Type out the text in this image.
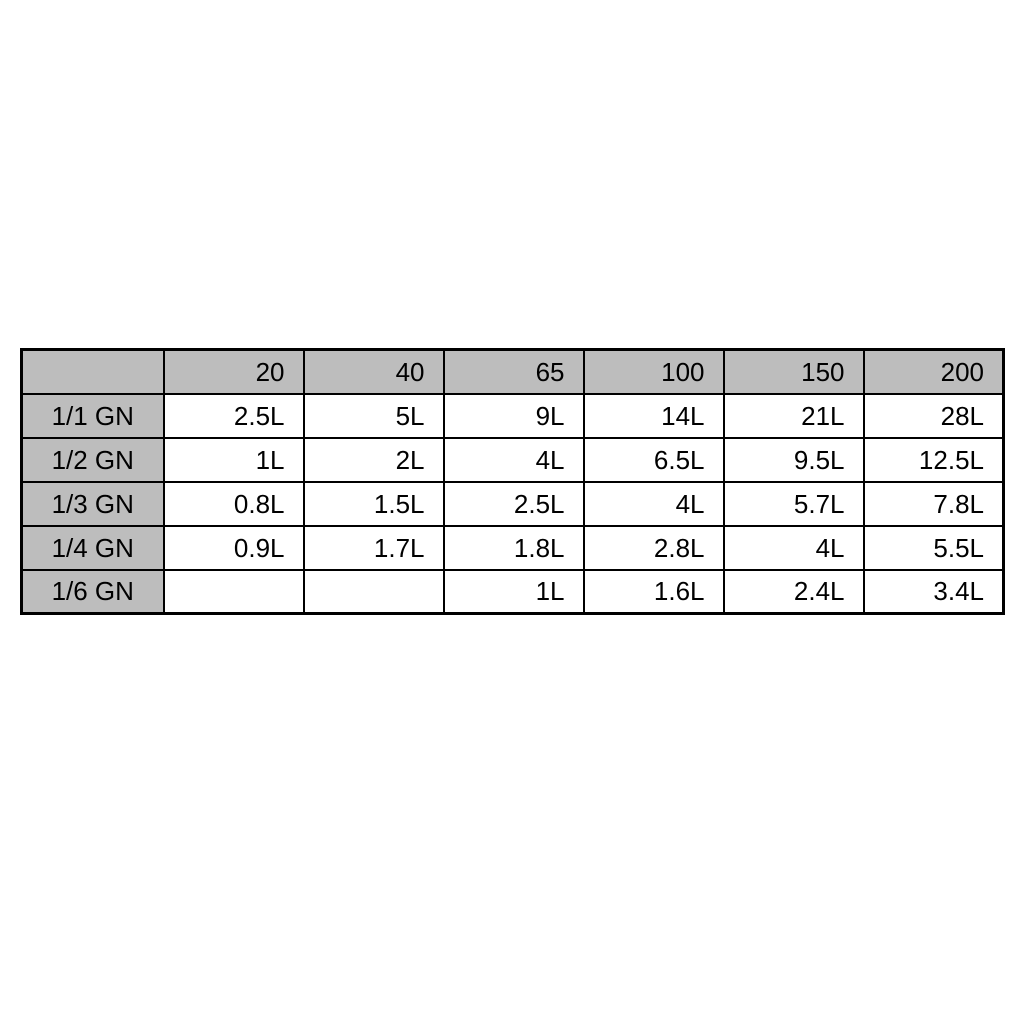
	20	40	65	100	150	200
1/1 GN	2.5L	5L	9L	14L	21L	28L
1/2 GN	1L	2L	4L	6.5L	9.5L	12.5L
1/3 GN	0.8L	1.5L	2.5L	4L	5.7L	7.8L
1/4 GN	0.9L	1.7L	1.8L	2.8L	4L	5.5L
1/6 GN			1L	1.6L	2.4L	3.4L
